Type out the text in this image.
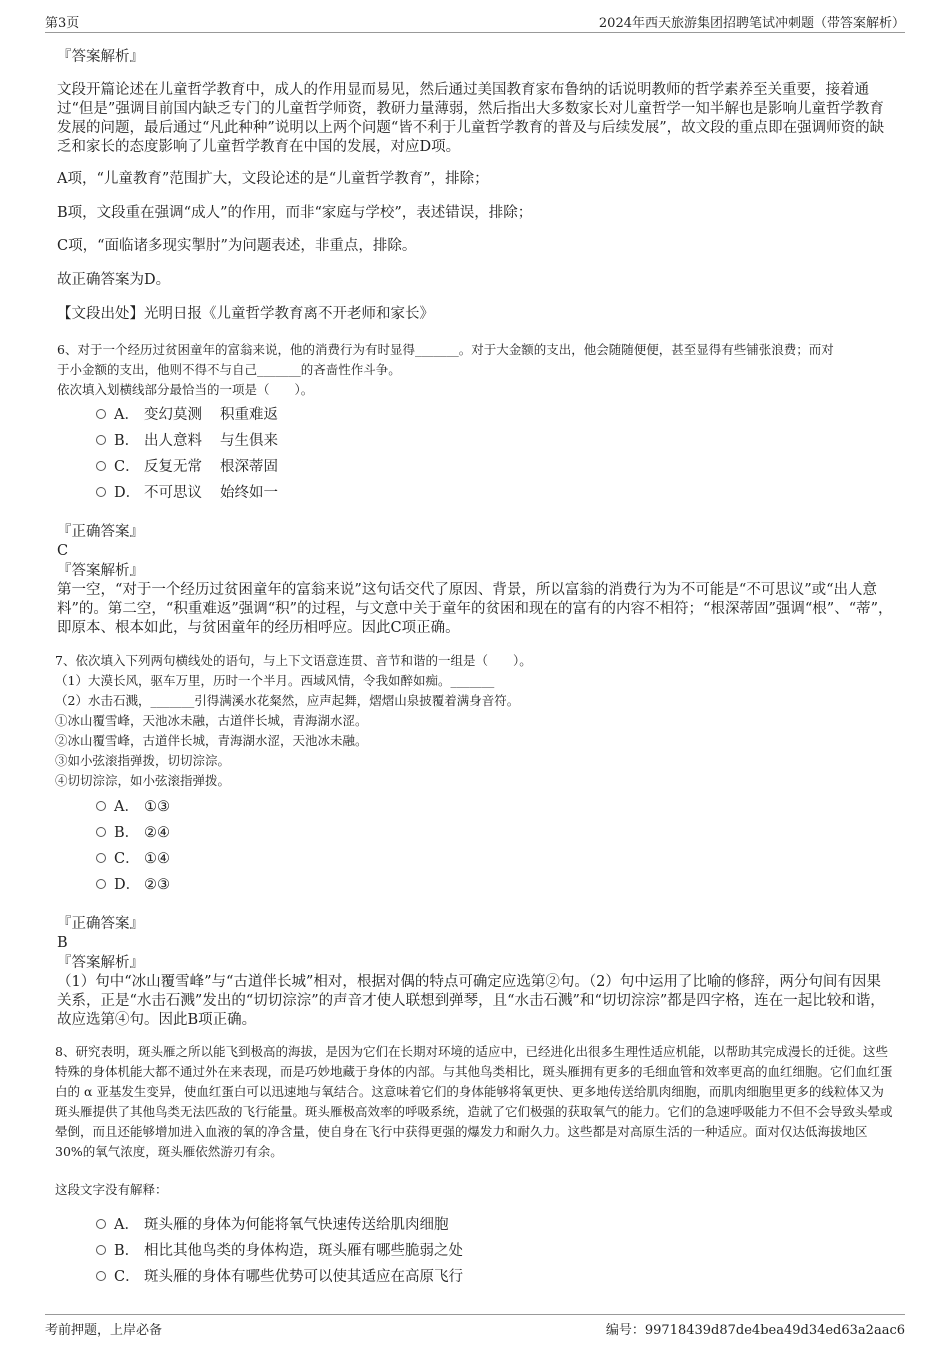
第3页	2024年西天旅游集团招聘笔试冲刺题（带答案解析）
『答案解析』

文段开篇论述在儿童哲学教育中，成人的作用显而易见，然后通过美国教育家布鲁纳的话说明教师的哲学素养至关重要，接着通过“但是”强调目前国内缺乏专门的儿童哲学师资，教研力量薄弱，然后指出大多数家长对儿童哲学一知半解也是影响儿童哲学教育发展的问题，最后通过“凡此种种”说明以上两个问题“皆不利于儿童哲学教育的普及与后续发展”，故文段的重点即在强调师资的缺乏和家长的态度影响了儿童哲学教育在中国的发展，对应D项。

A项，“儿童教育”范围扩大，文段论述的是“儿童哲学教育”，排除；
B项，文段重在强调“成人”的作用，而非“家庭与学校”，表述错误，排除；
C项，“面临诸多现实掣肘”为问题表述，非重点，排除。
故正确答案为D。
【文段出处】光明日报《儿童哲学教育离不开老师和家长》
6、对于一个经历过贫困童年的富翁来说，他的消费行为有时显得_______。对于大金额的支出，他会随随便便，甚至显得有些铺张浪费；而对
于小金额的支出，他则不得不与自己_______的吝啬性作斗争。
依次填入划横线部分最恰当的一项是（　　）。
A． 变幻莫测 积重难返
B． 出人意料 与生俱来
C． 反复无常 根深蒂固
D． 不可思议 始终如一
『正确答案』
C
『答案解析』

第一空，“对于一个经历过贫困童年的富翁来说”这句话交代了原因、背景，所以富翁的消费行为为不可能是“不可思议”或“出人意料”的。第二空，“积重难返”强调“积”的过程，与文意中关于童年的贫困和现在的富有的内容不相符；“根深蒂固”强调“根”、“蒂”，即原本、根本如此，与贫困童年的经历相呼应。因此C项正确。

7、依次填入下列两句横线处的语句，与上下文语意连贯、音节和谐的一组是（　　）。
（1）大漠长风，驱车万里，历时一个半月。西域风情，令我如醉如痴。_______
（2）水击石溅，_______引得满溪水花粲然，应声起舞，熠熠山泉披覆着满身音符。
①冰山覆雪峰，天池冰未融，古道伴长城，青海湖水涩。
②冰山覆雪峰，古道伴长城，青海湖水涩，天池冰未融。
③如小弦滚指弹拨，切切淙淙。
④切切淙淙，如小弦滚指弹拨。
A． ①③
B． ②④
C． ①④
D． ②③
『正确答案』
B
『答案解析』

（1）句中“冰山覆雪峰”与“古道伴长城”相对，根据对偶的特点可确定应选第②句。（2）句中运用了比喻的修辞，两分句间有因果关系，正是“水击石溅”发出的“切切淙淙”的声音才使人联想到弹琴，且“水击石溅”和“切切淙淙”都是四字格，连在一起比较和谐，故应选第④句。因此B项正确。

8、研究表明，斑头雁之所以能飞到极高的海拔，是因为它们在长期对环境的适应中，已经进化出很多生理性适应机能，以帮助其完成漫长的迁徙。这些特殊的身体机能大都不通过外在来表现，而是巧妙地藏于身体的内部。与其他鸟类相比，斑头雁拥有更多的毛细血管和效率更高的血红细胞。它们血红蛋白的 α 亚基发生变异，使血红蛋白可以迅速地与氧结合。这意味着它们的身体能够将氧更快、更多地传送给肌肉细胞，而肌肉细胞里更多的线粒体又为斑头雁提供了其他鸟类无法匹敌的飞行能量。斑头雁极高效率的呼吸系统，造就了它们极强的获取氧气的能力。它们的急速呼吸能力不但不会导致头晕或晕倒，而且还能够增加进入血液的氧的净含量，使自身在飞行中获得更强的爆发力和耐久力。这些都是对高原生活的一种适应。面对仅达低海拔地区30%的氧气浓度，斑头雁依然游刃有余。

这段文字没有解释：
A． 斑头雁的身体为何能将氧气快速传送给肌肉细胞
B． 相比其他鸟类的身体构造，斑头雁有哪些脆弱之处
C． 斑头雁的身体有哪些优势可以使其适应在高原飞行
考前押题，上岸必备	编号：99718439d87de4bea49d34ed63a2aac6
